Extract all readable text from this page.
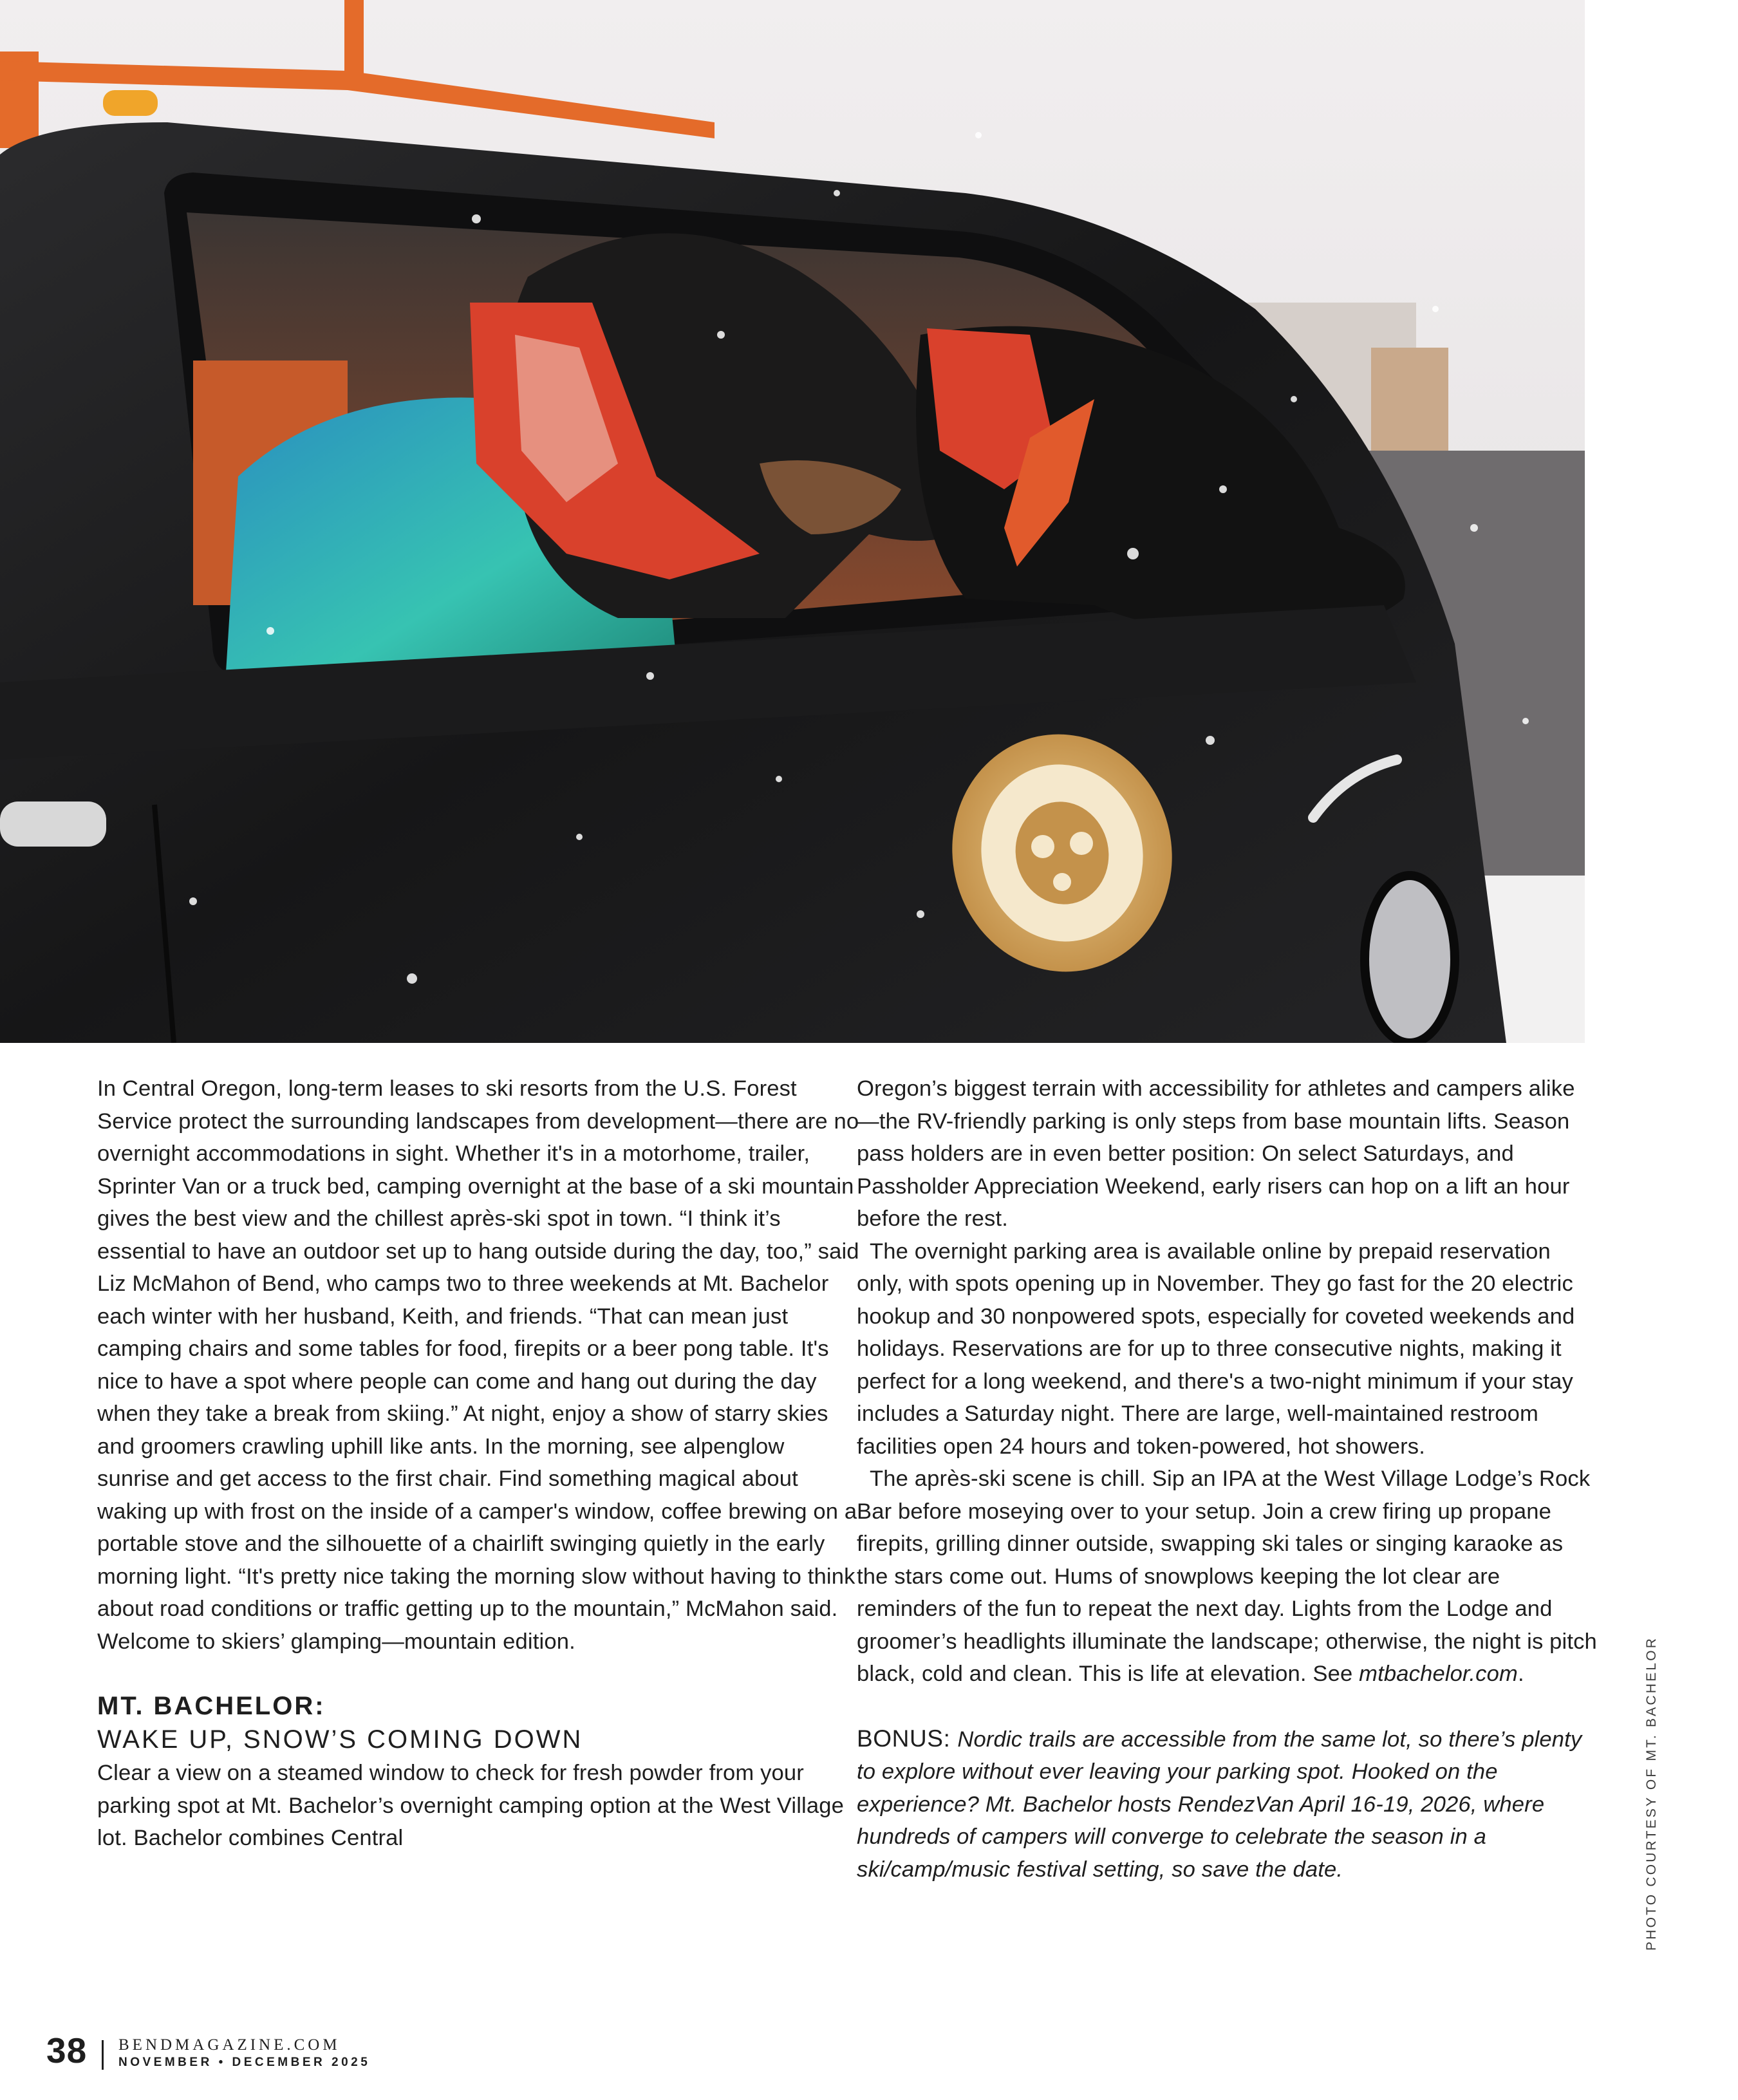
In Central Oregon, long-term leases to ski resorts from the U.S. Forest Service protect the surrounding landscapes from development—there are no overnight accommodations in sight. Whether it's in a motorhome, trailer, Sprinter Van or a truck bed, camping overnight at the base of a ski mountain gives the best view and the chillest après-ski spot in town. “I think it’s essential to have an outdoor set up to hang outside during the day, too,” said Liz McMahon of Bend, who camps two to three weekends at Mt. Bachelor each winter with her husband, Keith, and friends. “That can mean just camping chairs and some tables for food, firepits or a beer pong table. It's nice to have a spot where people can come and hang out during the day when they take a break from skiing.” At night, enjoy a show of starry skies and groomers crawling uphill like ants. In the morning, see alpenglow sunrise and get access to the first chair. Find something magical about waking up with frost on the inside of a camper's window, coffee brewing on a portable stove and the silhouette of a chairlift swinging quietly in the early morning light. “It's pretty nice taking the morning slow without having to think about road conditions or traffic getting up to the mountain,” McMahon said. Welcome to skiers’ glamping—mountain edition.

MT. BACHELOR:

WAKE UP, SNOW’S COMING DOWN

Clear a view on a steamed window to check for fresh powder from your parking spot at Mt. Bachelor’s overnight camping option at the West Village lot. Bachelor combines Central

Oregon’s biggest terrain with accessibility for athletes and campers alike—the RV-friendly parking is only steps from base mountain lifts. Season pass holders are in even better position: On select Saturdays, and Passholder Appreciation Weekend, early risers can hop on a lift an hour before the rest.

The overnight parking area is available online by prepaid reservation only, with spots opening up in November. They go fast for the 20 electric hookup and 30 nonpowered spots, especially for coveted weekends and holidays. Reservations are for up to three consecutive nights, making it perfect for a long weekend, and there's a two-night minimum if your stay includes a Saturday night. There are large, well-maintained restroom facilities open 24 hours and token-powered, hot showers.

The après-ski scene is chill. Sip an IPA at the West Village Lodge’s Rock Bar before moseying over to your setup. Join a crew firing up propane firepits, grilling dinner outside, swapping ski tales or singing karaoke as the stars come out. Hums of snowplows keeping the lot clear are reminders of the fun to repeat the next day. Lights from the Lodge and groomer’s headlights illuminate the landscape; otherwise, the night is pitch black, cold and clean. This is life at elevation. See mtbachelor.com.

BONUS: Nordic trails are accessible from the same lot, so there’s plenty to explore without ever leaving your parking spot. Hooked on the experience? Mt. Bachelor hosts RendezVan April 16-19, 2026, where hundreds of campers will converge to celebrate the season in a ski/camp/music festival setting, so save the date.	PHOTO COURTESY OF MT. BACHELOR
38 BENDMAGAZINE.COM
NOVEMBER • DECEMBER 2025
